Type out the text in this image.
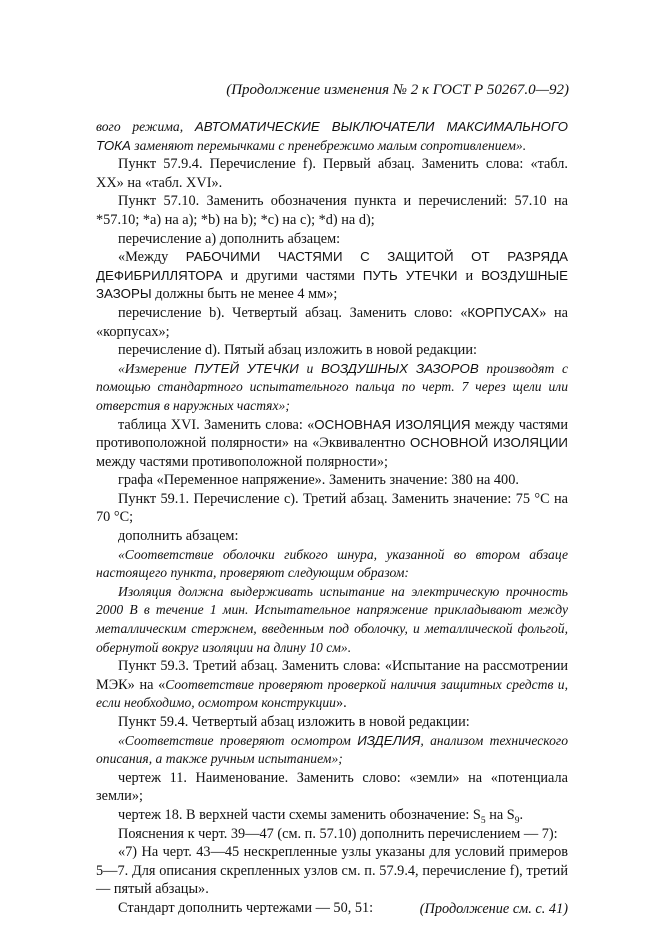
(Продолжение изменения № 2 к ГОСТ Р 50267.0—92)

вого режима, АВТОМАТИЧЕСКИЕ ВЫКЛЮЧАТЕЛИ МАКСИМАЛЬНОГО ТОКА заменяют перемычками с пренебрежимо малым сопротивлением».

Пункт 57.9.4. Перечисление f). Первый абзац. Заменить слова: «табл. XX» на «табл. XVI».

Пункт 57.10. Заменить обозначения пункта и перечислений: 57.10 на *57.10; *а) на а); *b) на b); *с) на с); *d) на d);

перечисление а) дополнить абзацем:

«Между РАБОЧИМИ ЧАСТЯМИ С ЗАЩИТОЙ ОТ РАЗРЯДА ДЕФИБРИЛЛЯТОРА и другими частями ПУТЬ УТЕЧКИ и ВОЗДУШНЫЕ ЗАЗОРЫ должны быть не менее 4 мм»;

перечисление b). Четвертый абзац. Заменить слово: «КОРПУСАХ» на «корпусах»;

перечисление d). Пятый абзац изложить в новой редакции:

«Измерение ПУТЕЙ УТЕЧКИ и ВОЗДУШНЫХ ЗАЗОРОВ производят с помощью стандартного испытательного пальца по черт. 7 через щели или отверстия в наружных частях»;

таблица XVI. Заменить слова: «ОСНОВНАЯ ИЗОЛЯЦИЯ между частями противоположной полярности» на «Эквивалентно ОСНОВНОЙ ИЗОЛЯЦИИ между частями противоположной полярности»;

графа «Переменное напряжение». Заменить значение: 380 на 400.

Пункт 59.1. Перечисление с). Третий абзац. Заменить значение: 75 °С на 70 °С;

дополнить абзацем:

«Соответствие оболочки гибкого шнура, указанной во втором абзаце настоящего пункта, проверяют следующим образом:

Изоляция должна выдерживать испытание на электрическую прочность 2000 В в течение 1 мин. Испытательное напряжение прикладывают между металлическим стержнем, введенным под оболочку, и металлической фольгой, обернутой вокруг изоляции на длину 10 см».

Пункт 59.3. Третий абзац. Заменить слова: «Испытание на рассмотрении МЭК» на «Соответствие проверяют проверкой наличия защитных средств и, если необходимо, осмотром конструкции».

Пункт 59.4. Четвертый абзац изложить в новой редакции:

«Соответствие проверяют осмотром ИЗДЕЛИЯ, анализом технического описания, а также ручным испытанием»;

чертеж 11. Наименование. Заменить слово: «земли» на «потенциала земли»;

чертеж 18. В верхней части схемы заменить обозначение: $S_5$ на $S_9$.

Пояснения к черт. 39—47 (см. п. 57.10) дополнить перечислением — 7):

«7) На черт. 43—45 нескрепленные узлы указаны для условий примеров 5—7. Для описания скрепленных узлов см. п. 57.9.4, перечисление f), третий — пятый абзацы».

Стандарт дополнить чертежами — 50, 51:	(Продолжение см. с. 41)
